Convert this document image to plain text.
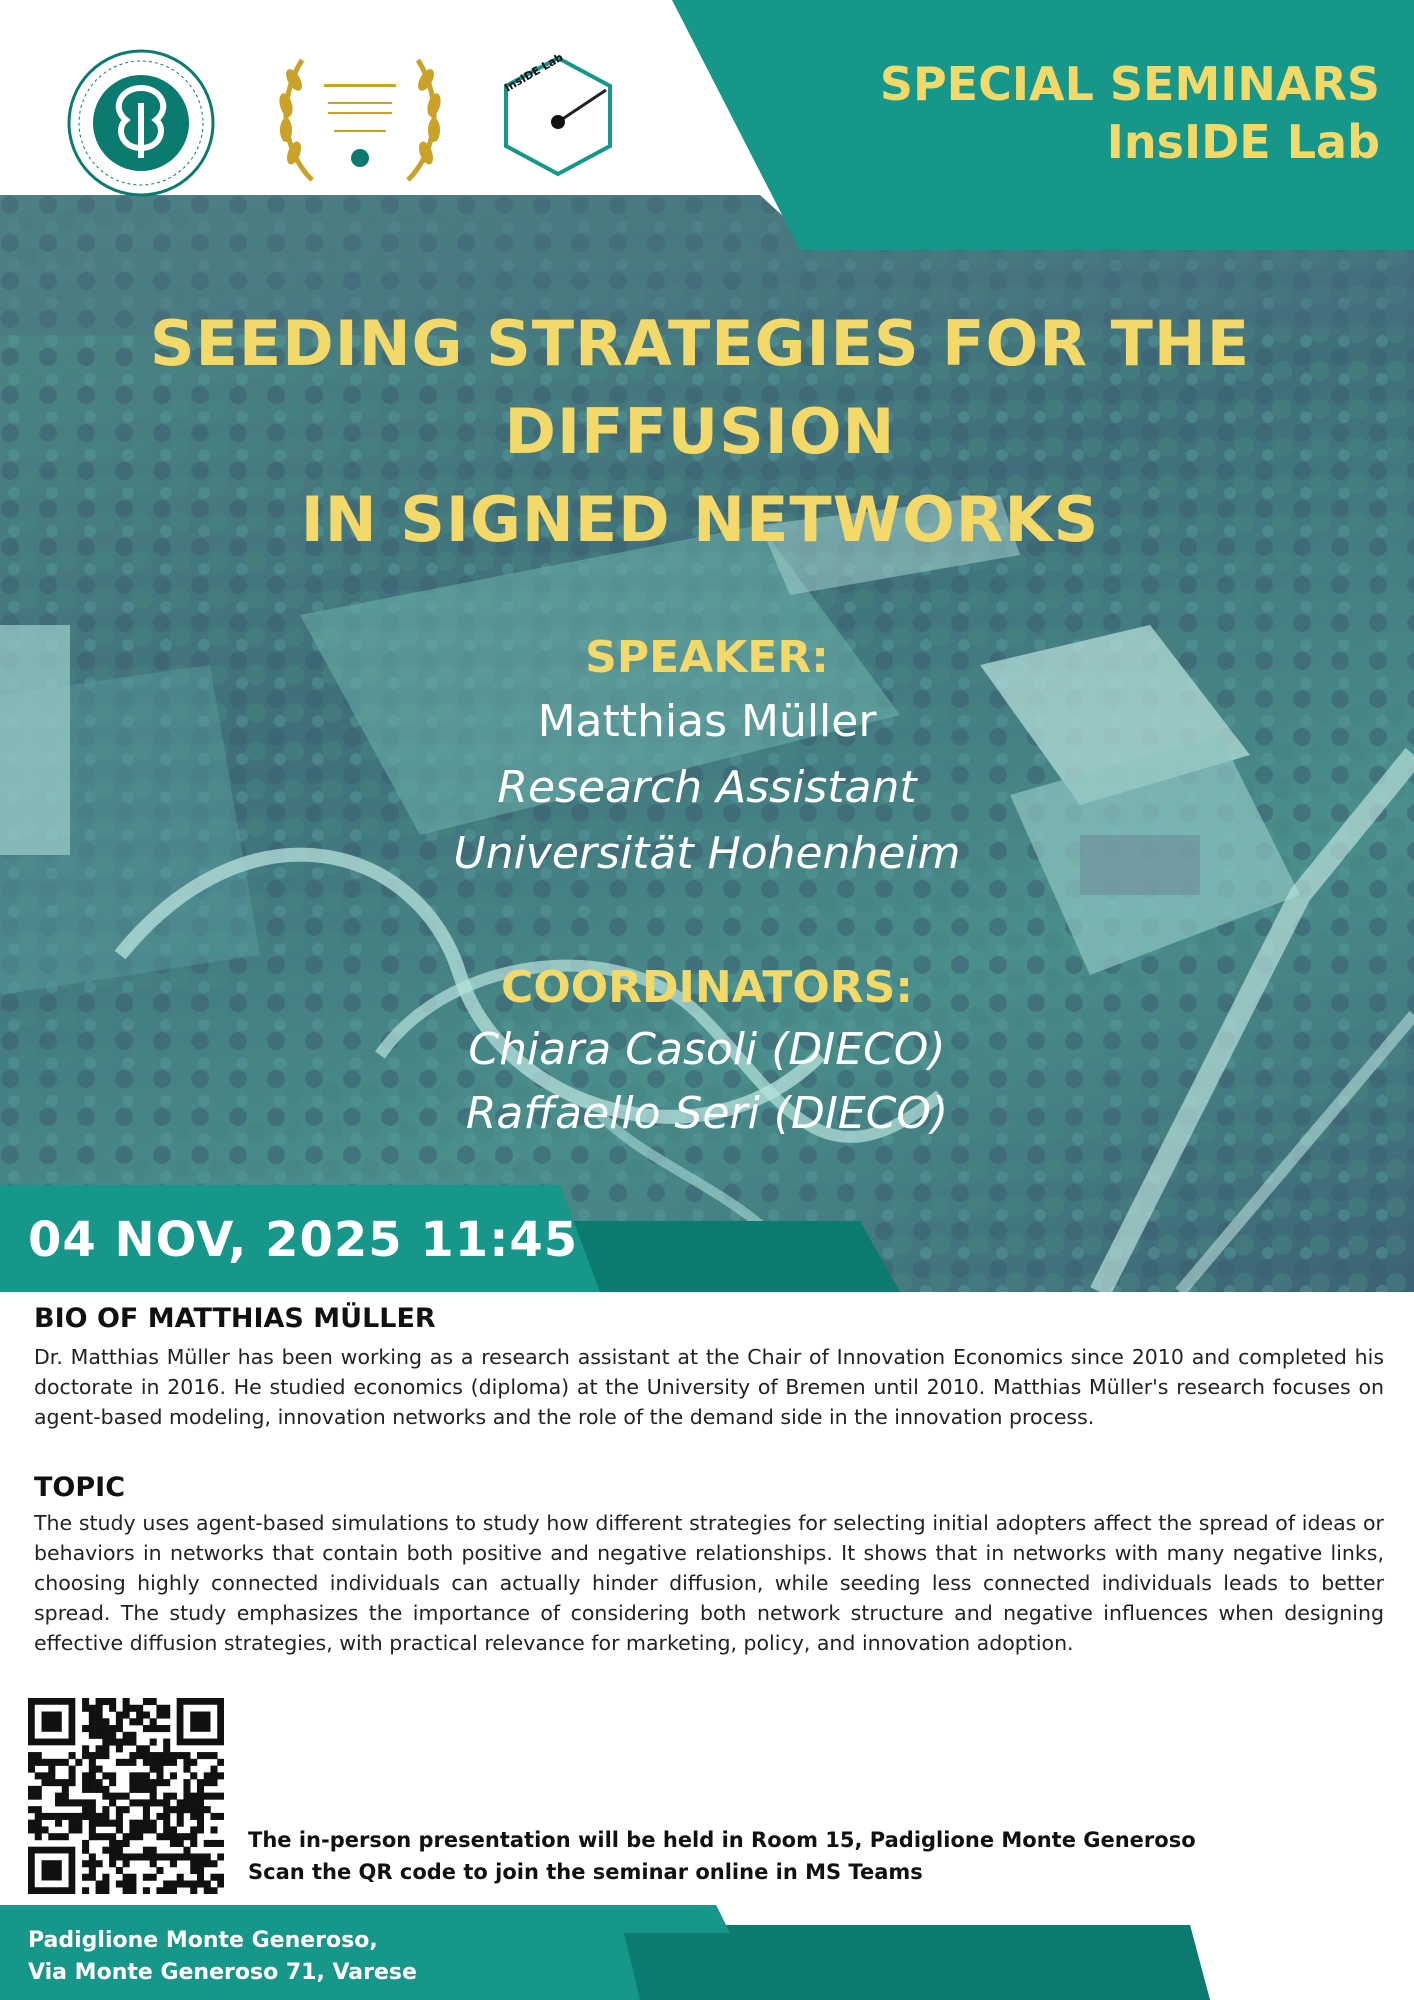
InsIDE Lab	SPECIAL SEMINARS
InsIDE Lab
SEEDING STRATEGIES FOR THE
DIFFUSION
IN SIGNED NETWORKS
SPEAKER:
Matthias Müller
Research Assistant
Universität Hohenheim
COORDINATORS:
Chiara Casoli (DIECO)
Raffaello Seri (DIECO)
04 NOV, 2025 11:45
BIO OF MATTHIAS MÜLLER
Dr. Matthias Müller has been working as a research assistant at the Chair of Innovation Economics since 2010 and completed his doctorate in 2016. He studied economics (diploma) at the University of Bremen until 2010. Matthias Müller's research focuses on agent-based modeling, innovation networks and the role of the demand side in the innovation process.
TOPIC
The study uses agent-based simulations to study how different strategies for selecting initial adopters affect the spread of ideas or behaviors in networks that contain both positive and negative relationships. It shows that in networks with many negative links, choosing highly connected individuals can actually hinder diffusion, while seeding less connected individuals leads to better spread. The study emphasizes the importance of considering both network structure and negative influences when designing effective diffusion strategies, with practical relevance for marketing, policy, and innovation adoption.
The in-person presentation will be held in Room 15, Padiglione Monte Generoso
Scan the QR code to join the seminar online in MS Teams
Padiglione Monte Generoso,
Via Monte Generoso 71, Varese
